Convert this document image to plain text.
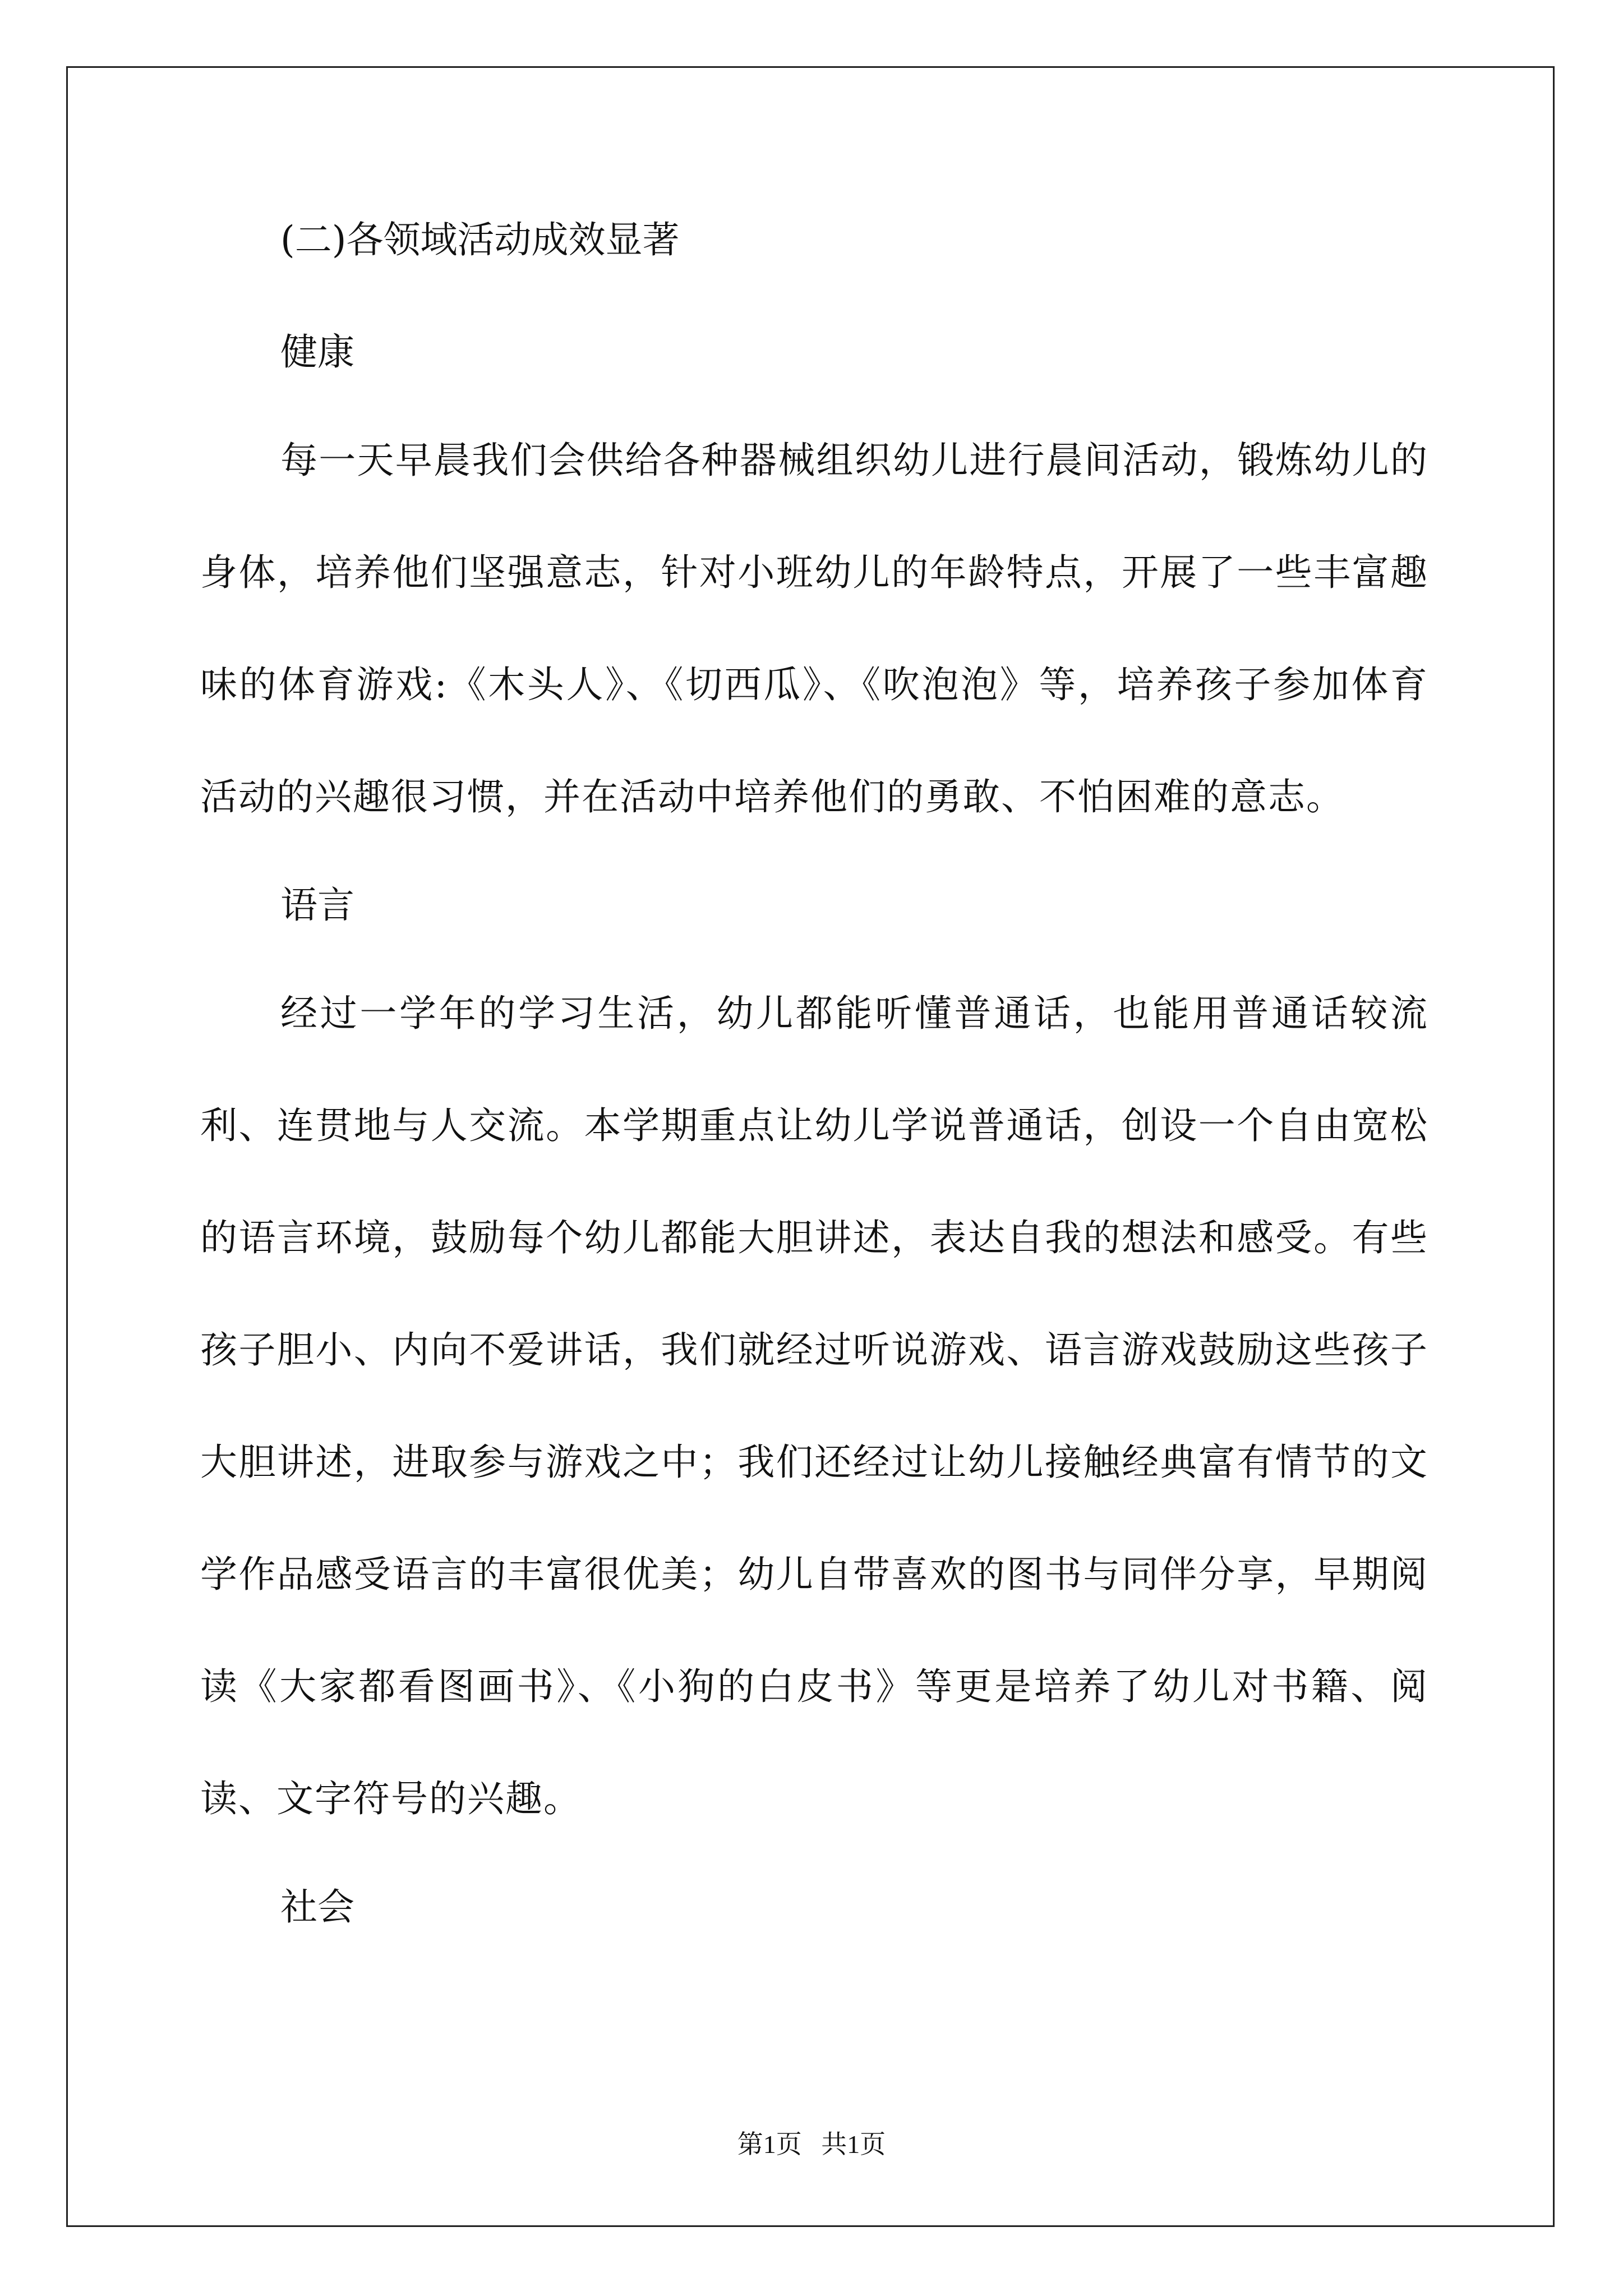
(二)各领域活动成效显著

健康

每一天早晨我们会供给各种器械组织幼儿进行晨间活动，锻炼幼儿的身体，培养他们坚强意志，针对小班幼儿的年龄特点，开展了一些丰富趣味的体育游戏:《木头人》、《切西瓜》、《吹泡泡》等，培养孩子参加体育活动的兴趣很习惯，并在活动中培养他们的勇敢、不怕困难的意志。

语言

经过一学年的学习生活，幼儿都能听懂普通话，也能用普通话较流利、连贯地与人交流。本学期重点让幼儿学说普通话，创设一个自由宽松的语言环境，鼓励每个幼儿都能大胆讲述，表达自我的想法和感受。有些孩子胆小、内向不爱讲话，我们就经过听说游戏、语言游戏鼓励这些孩子大胆讲述，进取参与游戏之中；我们还经过让幼儿接触经典富有情节的文学作品感受语言的丰富很优美；幼儿自带喜欢的图书与同伴分享，早期阅读《大家都看图画书》、《小狗的白皮书》等更是培养了幼儿对书籍、阅读、文字符号的兴趣。

社会

第1页   共1页
